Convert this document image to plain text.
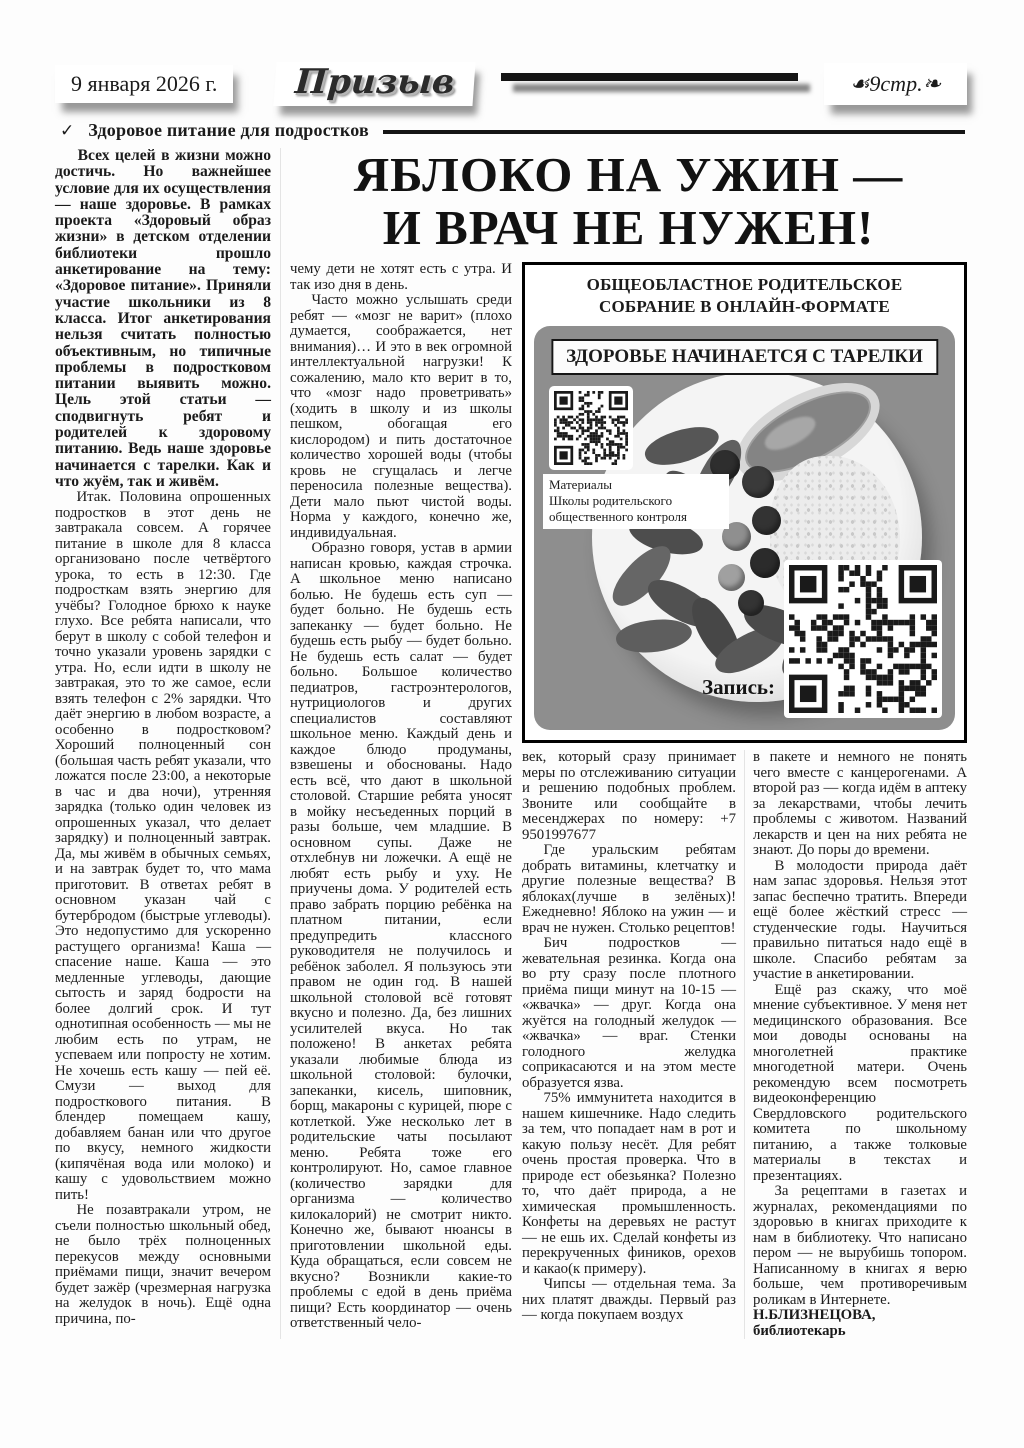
9 января 2026 г.	Призыв	☙9стр.❧
✓ Здоровое питание для подростков

Всех целей в жизни можно достичь. Но важнейшее условие для их осуществления — наше здоровье. В рамках проекта «Здоровый образ жизни» в детском отделении библиотеки прошло анкетирование на тему: «Здоровое питание». Приняли участие школьники из 8 класса. Итог анкетирования нельзя считать полностью объективным, но типичные проблемы в подростковом питании выявить можно. Цель этой статьи — сподвигнуть ребят и родителей к здоровому питанию. Ведь наше здоровье начинается с тарелки. Как и что жуём, так и живём.

Итак. Половина опрошенных подростков в этот день не завтракала совсем. А горячее питание в школе для 8 класса организовано после четвёртого урока, то есть в 12:30. Где подросткам взять энергию для учёбы? Голодное брюхо к науке глухо. Все ребята написали, что берут в школу с собой телефон и точно указали уровень зарядки с утра. Но, если идти в школу не завтракая, это то же самое, если взять телефон с 2% зарядки. Что даёт энергию в любом возрасте, а особенно в подростковом? Хороший полноценный сон (большая часть ребят указали, что ложатся после 23:00, а некоторые в час и два ночи), утренняя зарядка (только один человек из опрошенных указал, что делает зарядку) и полноценный завтрак. Да, мы живём в обычных семьях, и на завтрак будет то, что мама приготовит. В ответах ребят в основном указан чай с бутербродом (быстрые углеводы). Это недопустимо для ускоренно растущего организма! Каша — спасение наше. Каша — это медленные углеводы, дающие сытость и заряд бодрости на более долгий срок. И тут однотипная особенность — мы не любим есть по утрам, не успеваем или попросту не хотим. Не хочешь есть кашу — пей её. Смузи — выход для подросткового питания. В блендер помещаем кашу, добавляем банан или что другое по вкусу, немного жидкости (кипячёная вода или молоко) и кашу с удовольствием можно пить!

Не позавтракали утром, не съели полностью школьный обед, не было трёх полноценных перекусов между основными приёмами пищи, значит вечером будет зажёр (чрезмерная нагрузка на желудок в ночь). Ещё одна причина, по-

ЯБЛОКО НА УЖИН —
И ВРАЧ НЕ НУЖЕН!

чему дети не хотят есть с утра. И так изо дня в день.

Часто можно услышать среди ребят — «мозг не варит» (плохо думается, соображается, нет внимания)… И это в век огромной интеллектуальной нагрузки! К сожалению, мало кто верит в то, что «мозг надо проветривать» (ходить в школу и из школы пешком, обогащая его кислородом) и пить достаточное количество хорошей воды (чтобы кровь не сгущалась и легче переносила полезные вещества). Дети мало пьют чистой воды. Норма у каждого, конечно же, индивидуальная.

Образно говоря, устав в армии написан кровью, каждая строчка. А школьное меню написано болью. Не будешь есть суп — будет больно. Не будешь есть запеканку — будет больно. Не будешь есть рыбу — будет больно. Не будешь есть салат — будет больно. Большое количество педиатров, гастроэнтерологов, нутрициологов и других специалистов составляют школьное меню. Каждый день и каждое блюдо продуманы, взвешены и обоснованы. Надо есть всё, что дают в школьной столовой. Старшие ребята уносят в мойку несъеденных порций в разы больше, чем младшие. В основном супы. Даже не отхлебнув ни ложечки. А ещё не любят есть рыбу и уху. Не приучены дома. У родителей есть право забрать порцию ребёнка на платном питании, если предупредить классного руководителя не получилось и ребёнок заболел. Я пользуюсь эти правом не один год. В нашей школьной столовой всё готовят вкусно и полезно. Да, без лишних усилителей вкуса. Но так положено! В анкетах ребята указали любимые блюда из школьной столовой: булочки, запеканки, кисель, шиповник, борщ, макароны с курицей, пюре с котлеткой. Уже несколько лет в родительские чаты посылают меню. Ребята тоже его контролируют. Но, самое главное (количество зарядки для организма — количество килокалорий) не смотрит никто. Конечно же, бывают нюансы в приготовлении школьной еды. Куда обращаться, если совсем не вкусно? Возникли какие-то проблемы с едой в день приёма пищи? Есть координатор — очень ответственный чело-

ОБЩЕОБЛАСТНОЕ РОДИТЕЛЬСКОЕ
СОБРАНИЕ В ОНЛАЙН-ФОРМАТЕ
ЗДОРОВЬЕ НАЧИНАЕТСЯ С ТАРЕЛКИ
Материалы
Школы родительского
общественного контроля
Запись:

век, который сразу принимает меры по отслеживанию ситуации и решению подобных проблем. Звоните или сообщайте в месенджерах по номеру: +7 9501997677

Где уральским ребятам добрать витамины, клетчатку и другие полезные вещества? В яблоках(лучше в зелёных)! Ежедневно! Яблоко на ужин — и врач не нужен. Столько рецептов!

Бич подростков — жевательная резинка. Когда она во рту сразу после плотного приёма пищи минут на 10-15 — «жвачка» — друг. Когда она жуётся на голодный желудок — «жвачка» — враг. Стенки голодного желудка соприкасаются и на этом месте образуется язва.

75% иммунитета находится в нашем кишечнике. Надо следить за тем, что попадает нам в рот и какую пользу несёт. Для ребят очень простая проверка. Что в природе ест обезьянка? Полезно то, что даёт природа, а не химическая промышленность. Конфеты на деревьях не растут — не ешь их. Сделай конфеты из перекрученных фиников, орехов и какао(к примеру).

Чипсы — отдельная тема. За них платят дважды. Первый раз — когда покупаем воздух

в пакете и немного не понять чего вместе с канцерогенами. А второй раз — когда идём в аптеку за лекарствами, чтобы лечить проблемы с животом. Названий лекарств и цен на них ребята не знают. До поры до времени.

В молодости природа даёт нам запас здоровья. Нельзя этот запас беспечно тратить. Впереди ещё более жёсткий стресс — студенческие годы. Научиться правильно питаться надо ещё в школе. Спасибо ребятам за участие в анкетировании.

Ещё раз скажу, что моё мнение субъективное. У меня нет медицинского образования. Все мои доводы основаны на многолетней практике многодетной матери. Очень рекомендую всем посмотреть видеоконференцию Свердловского родительского комитета по школьному питанию, а также толковые материалы в текстах и презентациях.

За рецептами в газетах и журналах, рекомендациями по здоровью в книгах приходите к нам в библиотеку. Что написано пером — не вырубишь топором. Написанному в книгах я верю больше, чем противоречивым роликам в Интернете.

Н.БЛИЗНЕЦОВА,

библиотекарь
